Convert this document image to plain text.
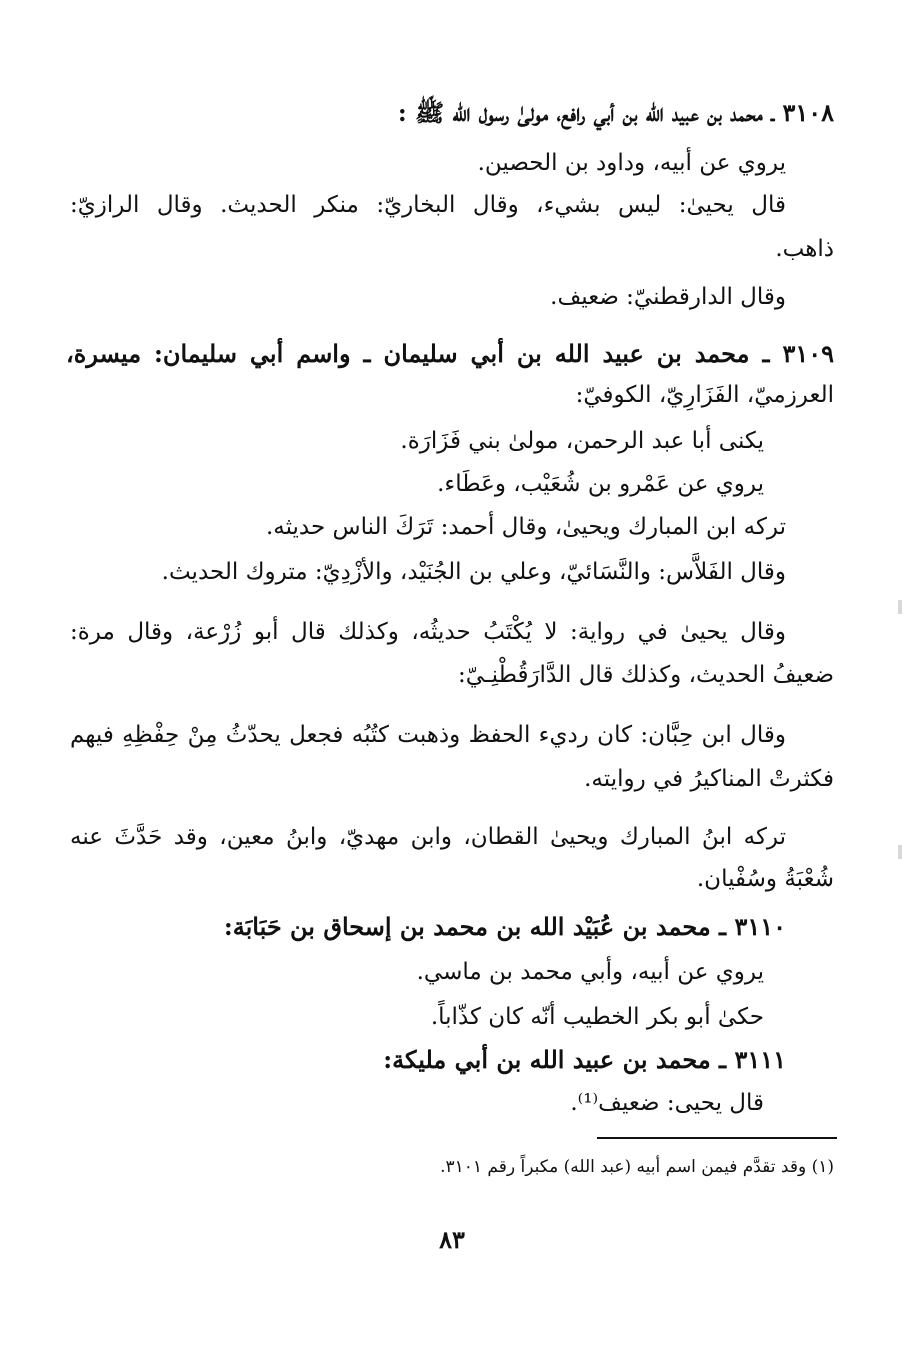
٣١٠٨ ـ محمد بن عبيد الله بن أبي رافع، مولىٰ رسول الله ﷺ :
يروي عن أبيه، وداود بن الحصين.
قال يحيىٰ: ليس بشيء، وقال البخاريّ: منكر الحديث. وقال الرازيّ:
ذاهب.
وقال الدارقطنيّ: ضعيف.
٣١٠٩ ـ محمد بن عبيد الله بن أبي سليمان ـ واسم أبي سليمان: ميسرة،
العرزميّ، الفَزَارِيّ، الكوفيّ:
يكنى أبا عبد الرحمن، مولىٰ بني فَزَارَة.
يروي عن عَمْرو بن شُعَيْب، وعَطَاء.
تركه ابن المبارك ويحيىٰ، وقال أحمد: تَرَكَ الناس حديثه.
وقال الفَلاَّس: والنَّسَائيّ، وعلي بن الجُنَيْد، والأزْدِيّ: متروك الحديث.
وقال يحيىٰ في رواية: لا يُكْتَبُ حديثُه، وكذلك قال أبو زُرْعة، وقال مرة:
ضعيفُ الحديث، وكذلك قال الدَّارَقُطْنِـيّ:
وقال ابن حِبَّان: كان رديء الحفظ وذهبت كتُبُه فجعل يحدّثُ مِنْ حِفْظِهِ فيهم
فكثرتْ المناكيرُ في روايته.
تركه ابنُ المبارك ويحيىٰ القطان، وابن مهديّ، وابنُ معين، وقد حَدَّثَ عنه
شُعْبَةُ وسُفْيان.
٣١١٠ ـ محمد بن عُبَيْد الله بن محمد بن إسحاق بن حَبَابَة:
يروي عن أبيه، وأبي محمد بن ماسي.
حكىٰ أبو بكر الخطيب أنّه كان كذّاباً.
٣١١١ ـ محمد بن عبيد الله بن أبي مليكة:
قال يحيى: ضعيف⁽¹⁾.
(١) وقد تقدَّم فيمن اسم أبيه (عبد الله) مكبراً رقم ٣١٠١.
٨٣
